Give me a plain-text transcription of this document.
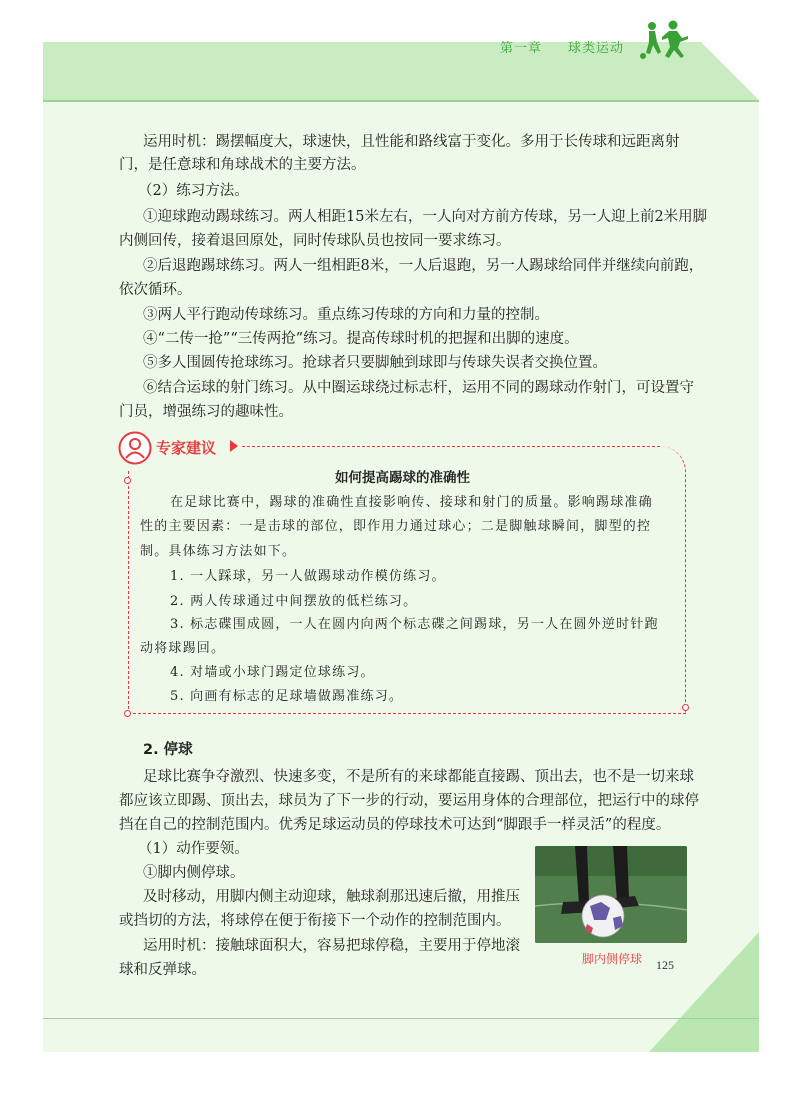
第一章 球类运动

运用时机：踢摆幅度大，球速快，且性能和路线富于变化。多用于长传球和远距离射

门，是任意球和角球战术的主要方法。

（2）练习方法。

①迎球跑动踢球练习。两人相距15米左右，一人向对方前方传球，另一人迎上前2米用脚

内侧回传，接着退回原处，同时传球队员也按同一要求练习。

②后退跑踢球练习。两人一组相距8米，一人后退跑，另一人踢球给同伴并继续向前跑，

依次循环。

③两人平行跑动传球练习。重点练习传球的方向和力量的控制。

④“二传一抢”“三传两抢”练习。提高传球时机的把握和出脚的速度。

⑤多人围圆传抢球练习。抢球者只要脚触到球即与传球失误者交换位置。

⑥结合运球的射门练习。从中圈运球绕过标志杆，运用不同的踢球动作射门，可设置守

门员，增强练习的趣味性。

专家建议
如何提高踢球的准确性

在足球比赛中，踢球的准确性直接影响传、接球和射门的质量。影响踢球准确

性的主要因素：一是击球的部位，即作用力通过球心；二是脚触球瞬间，脚型的控

制。具体练习方法如下。

1. 一人踩球，另一人做踢球动作模仿练习。

2. 两人传球通过中间摆放的低栏练习。

3. 标志碟围成圆，一人在圆内向两个标志碟之间踢球，另一人在圆外逆时针跑

动将球踢回。

4. 对墙或小球门踢定位球练习。

5. 向画有标志的足球墙做踢准练习。

2. 停球

足球比赛争夺激烈、快速多变，不是所有的来球都能直接踢、顶出去，也不是一切来球

都应该立即踢、顶出去，球员为了下一步的行动，要运用身体的合理部位，把运行中的球停

挡在自己的控制范围内。优秀足球运动员的停球技术可达到“脚跟手一样灵活”的程度。

（1）动作要领。

①脚内侧停球。

及时移动，用脚内侧主动迎球，触球刹那迅速后撤，用推压

或挡切的方法，将球停在便于衔接下一个动作的控制范围内。

运用时机：接触球面积大，容易把球停稳，主要用于停地滚

球和反弹球。

脚内侧停球 125
